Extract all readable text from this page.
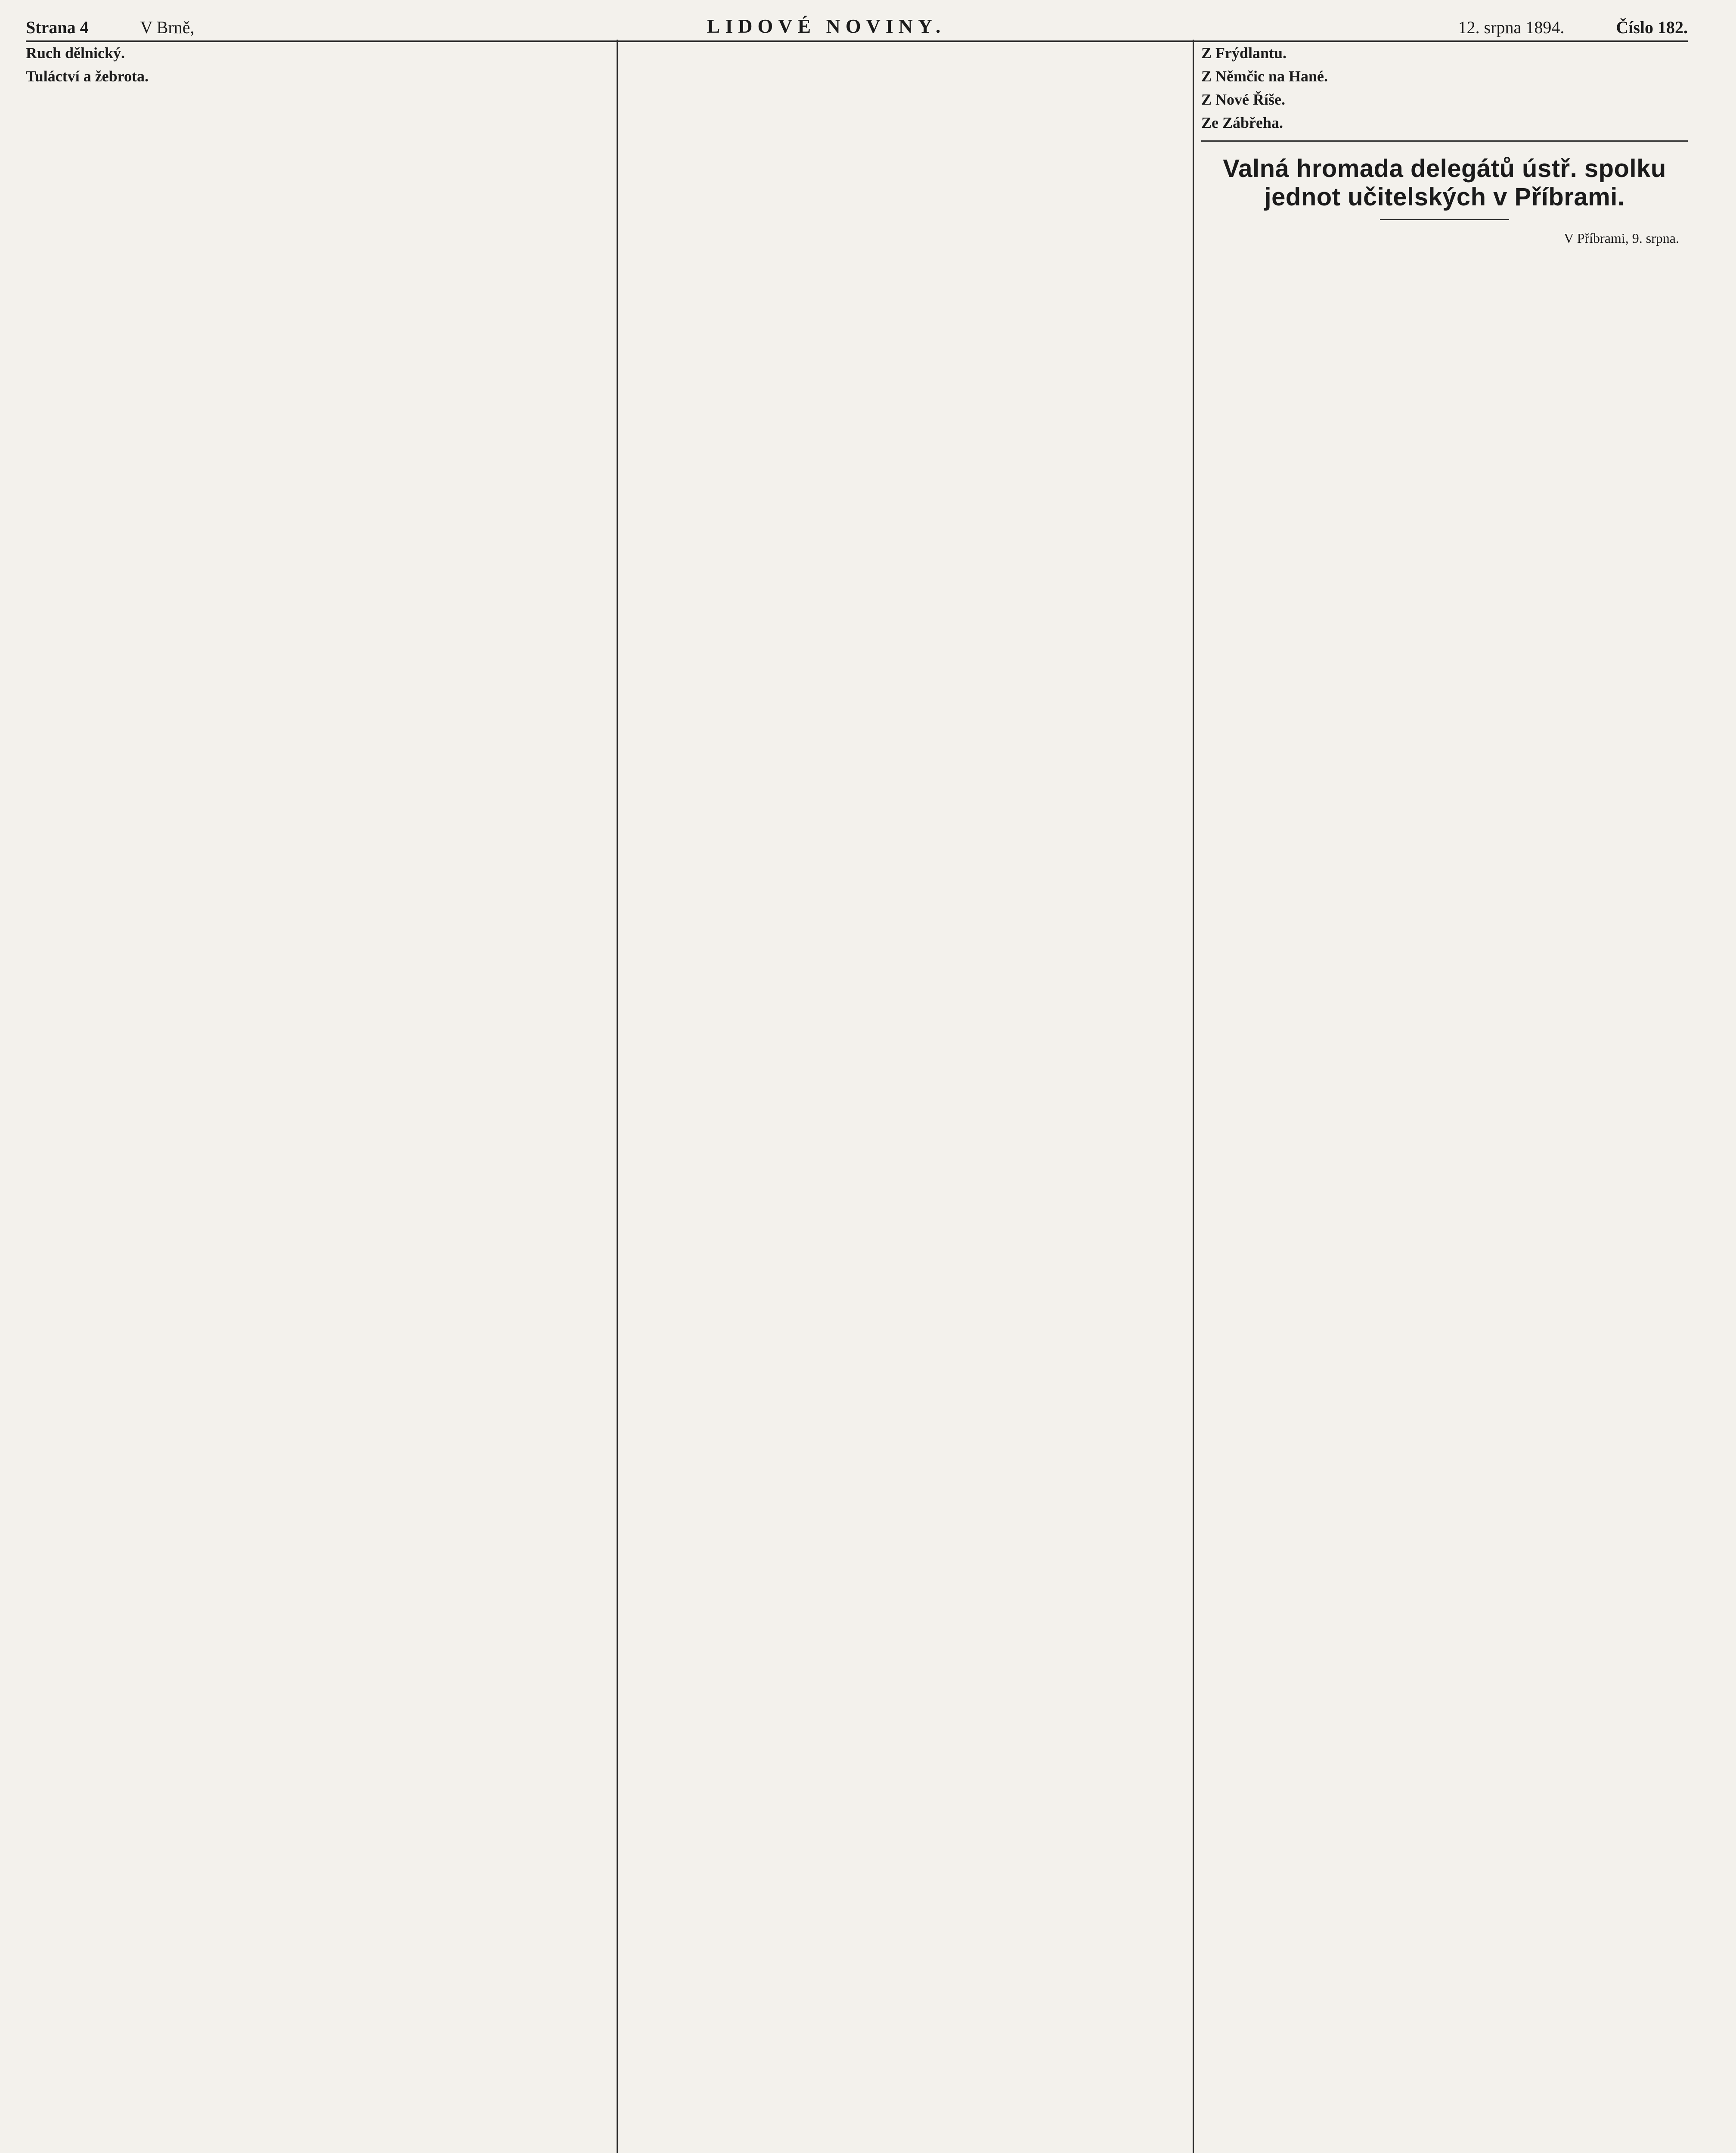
Strana 4	V Brně,	LIDOVÉ NOVINY.	12. srpna 1894.	Číslo 182.
Ruch dělnický.
Tuláctví a žebrota.
Z Frýdlantu.
Z Němčic na Hané.
Z Nové Říše.
Ze Zábřeha.
Valná hromada delegátů ústř. spolku jednot učitelských v Příbrami.
V Příbrami, 9. srpna.
